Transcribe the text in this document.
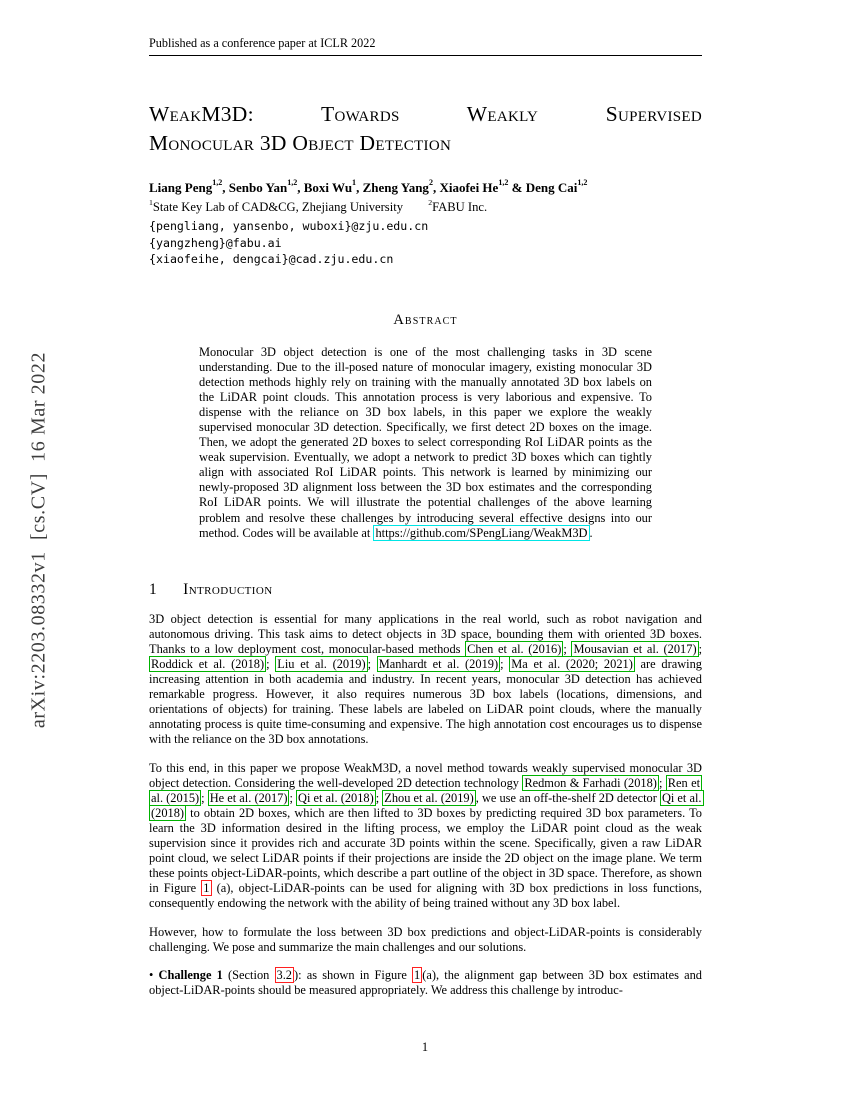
arXiv:2203.08332v1  [cs.CV]  16 Mar 2022
Published as a conference paper at ICLR 2022
WeakM3D: Towards Weakly Supervised
Monocular 3D Object Detection
Liang Peng$^{1,2}$, Senbo Yan$^{1,2}$, Boxi Wu$^1$, Zheng Yang$^2$, Xiaofei He$^{1,2}$ & Deng Cai$^{1,2}$
$^1$State Key Lab of CAD&CG, Zhejiang University  	$^2$FABU Inc.
{pengliang, yansenbo, wuboxi}@zju.edu.cn
{yangzheng}@fabu.ai
{xiaofeihe, dengcai}@cad.zju.edu.cn
Abstract
Monocular 3D object detection is one of the most challenging tasks in 3D scene understanding. Due to the ill-posed nature of monocular imagery, existing monocular 3D detection methods highly rely on training with the manually annotated 3D box labels on the LiDAR point clouds. This annotation process is very laborious and expensive. To dispense with the reliance on 3D box labels, in this paper we explore the weakly supervised monocular 3D detection. Specifically, we first detect 2D boxes on the image. Then, we adopt the generated 2D boxes to select corresponding RoI LiDAR points as the weak supervision. Eventually, we adopt a network to predict 3D boxes which can tightly align with associated RoI LiDAR points. This network is learned by minimizing our newly-proposed 3D alignment loss between the 3D box estimates and the corresponding RoI LiDAR points. We will illustrate the potential challenges of the above learning problem and resolve these challenges by introducing several effective designs into our method. Codes will be available at https://github.com/SPengLiang/WeakM3D .
1 Introduction

3D object detection is essential for many applications in the real world, such as robot navigation and autonomous driving. This task aims to detect objects in 3D space, bounding them with oriented 3D boxes. Thanks to a low deployment cost, monocular-based methods Chen et al. (2016) ; Mousavian et al. (2017) ; Roddick et al. (2018) ; Liu et al. (2019) ; Manhardt et al. (2019) ; Ma et al. (2020; 2021) are drawing increasing attention in both academia and industry. In recent years, monocular 3D detection has achieved remarkable progress. However, it also requires numerous 3D box labels (locations, dimensions, and orientations of objects) for training. These labels are labeled on LiDAR point clouds, where the manually annotating process is quite time-consuming and expensive. The high annotation cost encourages us to dispense with the reliance on the 3D box annotations.

To this end, in this paper we propose WeakM3D, a novel method towards weakly supervised monocular 3D object detection. Considering the well-developed 2D detection technology Redmon & Farhadi (2018) ; Ren et al. (2015) ; He et al. (2017) ; Qi et al. (2018) ; Zhou et al. (2019) , we use an off-the-shelf 2D detector Qi et al. (2018) to obtain 2D boxes, which are then lifted to 3D boxes by predicting required 3D box parameters. To learn the 3D information desired in the lifting process, we employ the LiDAR point cloud as the weak supervision since it provides rich and accurate 3D points within the scene. Specifically, given a raw LiDAR point cloud, we select LiDAR points if their projections are inside the 2D object on the image plane. We term these points object-LiDAR-points, which describe a part outline of the object in 3D space. Therefore, as shown in Figure 1 (a), object-LiDAR-points can be used for aligning with 3D box predictions in loss functions, consequently endowing the network with the ability of being trained without any 3D box label.

However, how to formulate the loss between 3D box predictions and object-LiDAR-points is considerably challenging. We pose and summarize the main challenges and our solutions.

• Challenge 1 (Section 3.2 ): as shown in Figure 1 (a), the alignment gap between 3D box estimates and object-LiDAR-points should be measured appropriately. We address this challenge by introduc-

1
